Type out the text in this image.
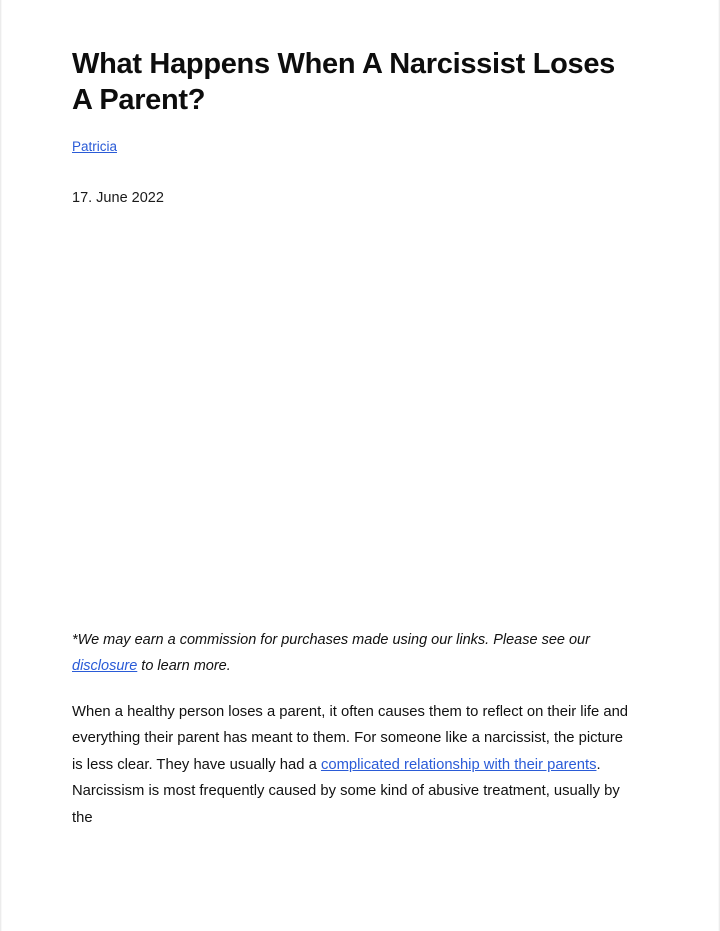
What Happens When A Narcissist Loses A Parent?
Patricia
17. June 2022

*We may earn a commission for purchases made using our links. Please see our disclosure to learn more.

When a healthy person loses a parent, it often causes them to reflect on their life and everything their parent has meant to them. For someone like a narcissist, the picture is less clear. They have usually had a complicated relationship with their parents. Narcissism is most frequently caused by some kind of abusive treatment, usually by the
